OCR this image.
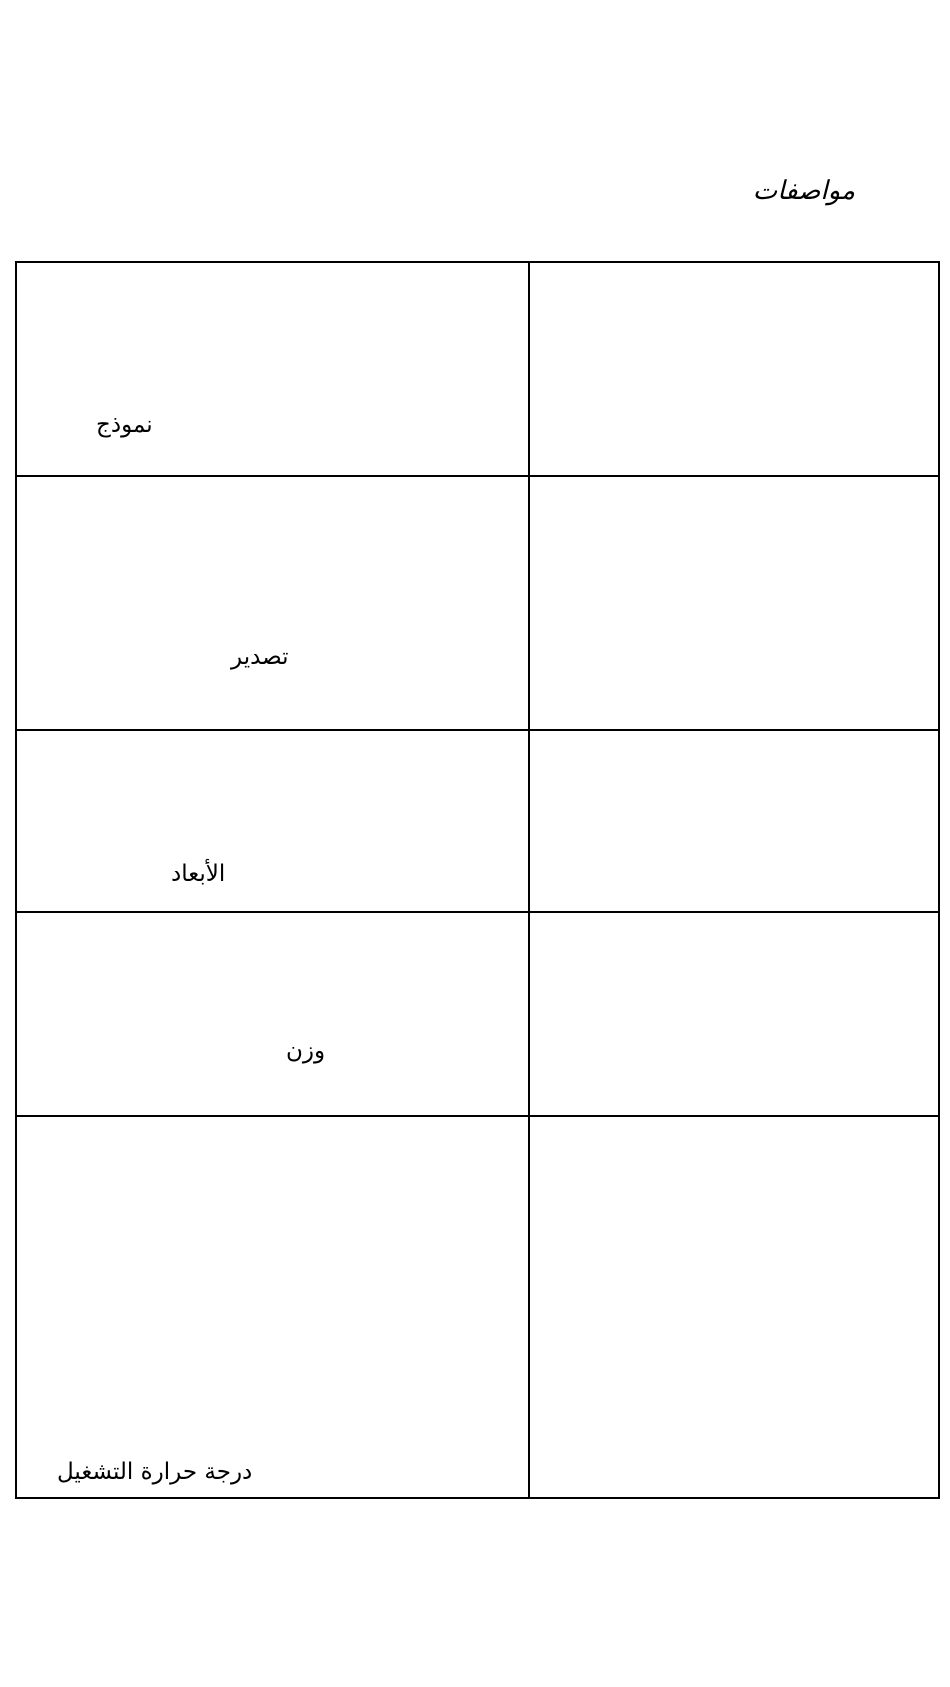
مواصفات
نموذج	

تصدير	

الأبعاد	

وزن	

درجة حرارة التشغيل	
